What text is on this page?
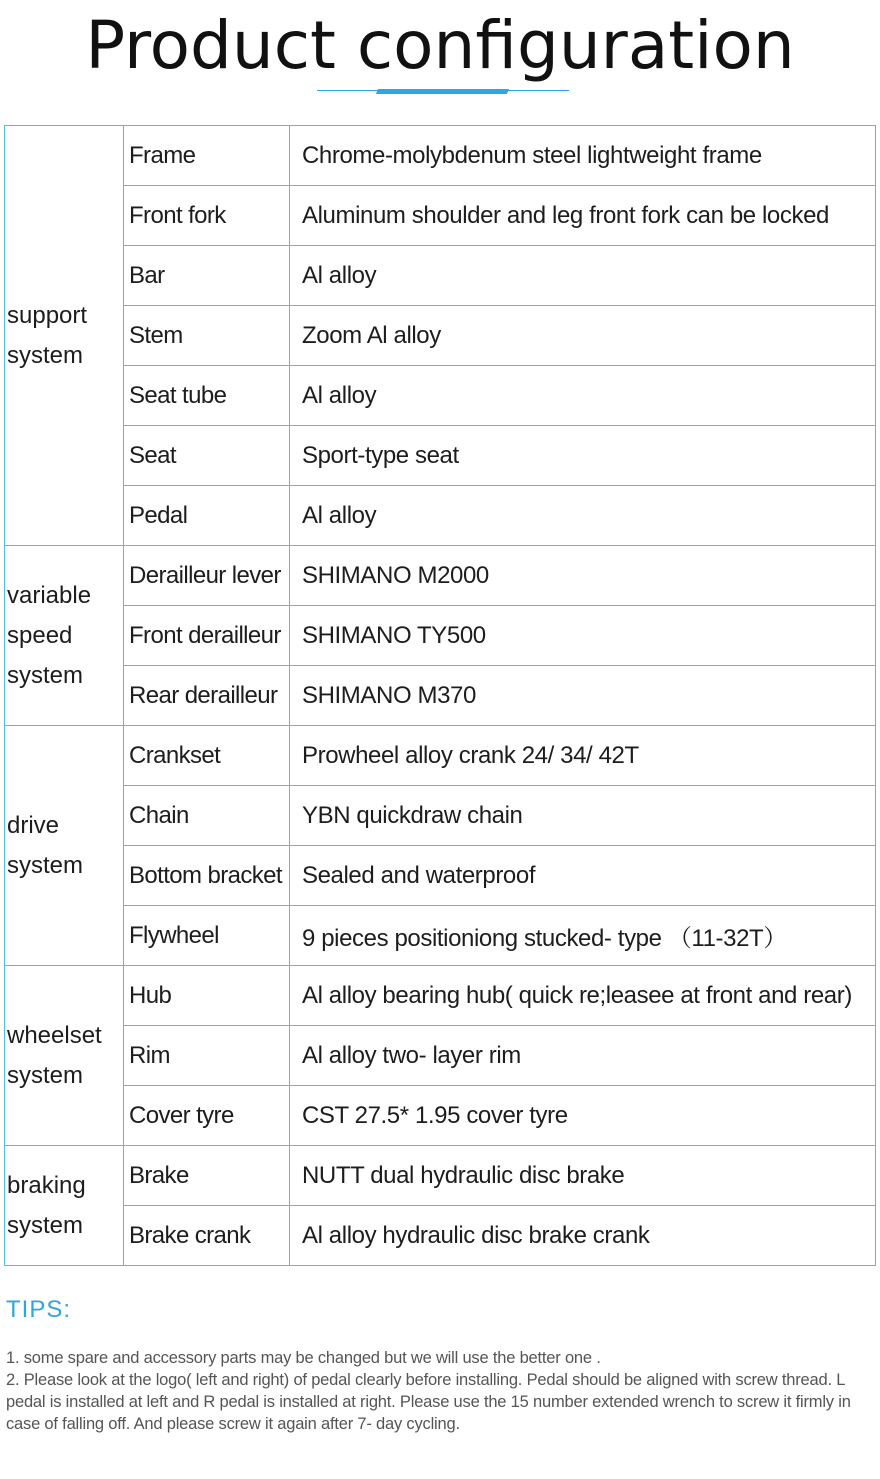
Product configuration
support system	Frame	Chrome-molybdenum steel lightweight frame
	Front fork	Aluminum shoulder and leg front fork can be locked
	Bar	Al alloy
	Stem	Zoom Al alloy
	Seat tube	Al alloy
	Seat	Sport-type seat
	Pedal	Al alloy
variable speed system	Derailleur lever	SHIMANO M2000
	Front derailleur	SHIMANO TY500
	Rear derailleur	SHIMANO M370
drive system	Crankset	Prowheel alloy crank 24/ 34/ 42T
	Chain	YBN quickdraw chain
	Bottom bracket	Sealed and waterproof
	Flywheel	9 pieces positioniong stucked- type （11-32T）
wheelset system	Hub	Al alloy bearing hub( quick re;leasee at front and rear)
	Rim	Al alloy two- layer rim
	Cover tyre	CST 27.5* 1.95 cover tyre
braking system	Brake	NUTT dual hydraulic disc brake
	Brake crank	Al alloy hydraulic disc brake crank
TIPS:
1. some spare and accessory parts may be changed but we will use the better one .
2. Please look at the logo( left and right) of pedal clearly before installing. Pedal should be aligned with screw thread. L pedal is installed at left and R pedal is installed at right. Please use the 15 number extended wrench to screw it firmly in case of falling off. And please screw it again after 7- day cycling.
